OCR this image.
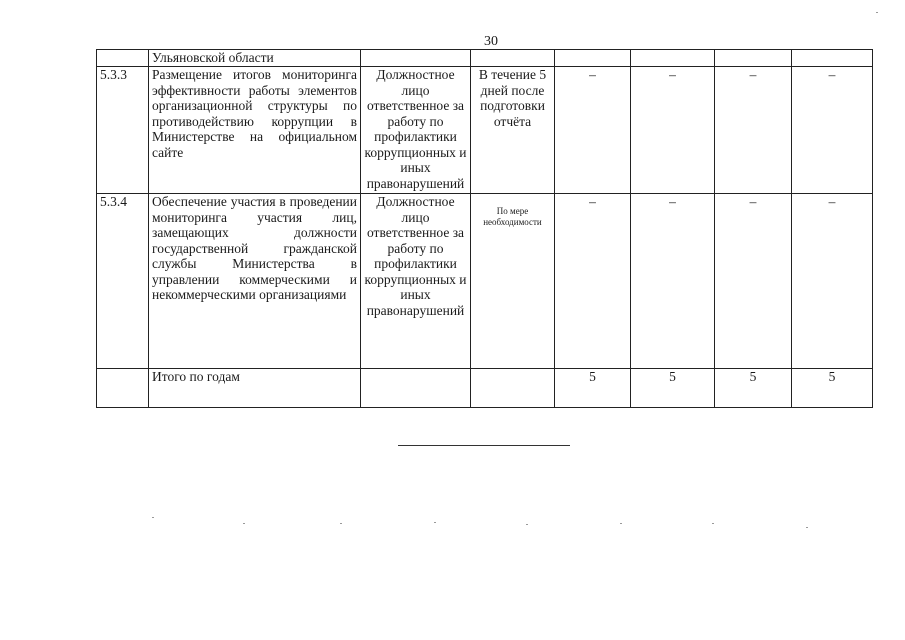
30
	Ульяновской области						
5.3.3	Размещение итогов мониторинга эффективности работы элементов организационной структуры по противодействию коррупции в Министерстве на официальном сайте	Должностное лицо ответственное за работу по профилактики коррупционных и иных правонарушений	В течение 5 дней после подготовки отчёта	–	–	–	–
5.3.4	Обеспечение участия в проведении мониторинга участия лиц, замещающих должности государственной гражданской службы Министерства в управлении коммерческими и некоммерческими организациями	Должностное лицо ответственное за работу по профилактики коррупционных и иных правонарушений	По мере необходимости	–	–	–	–
	Итого по годам			5	5	5	5
